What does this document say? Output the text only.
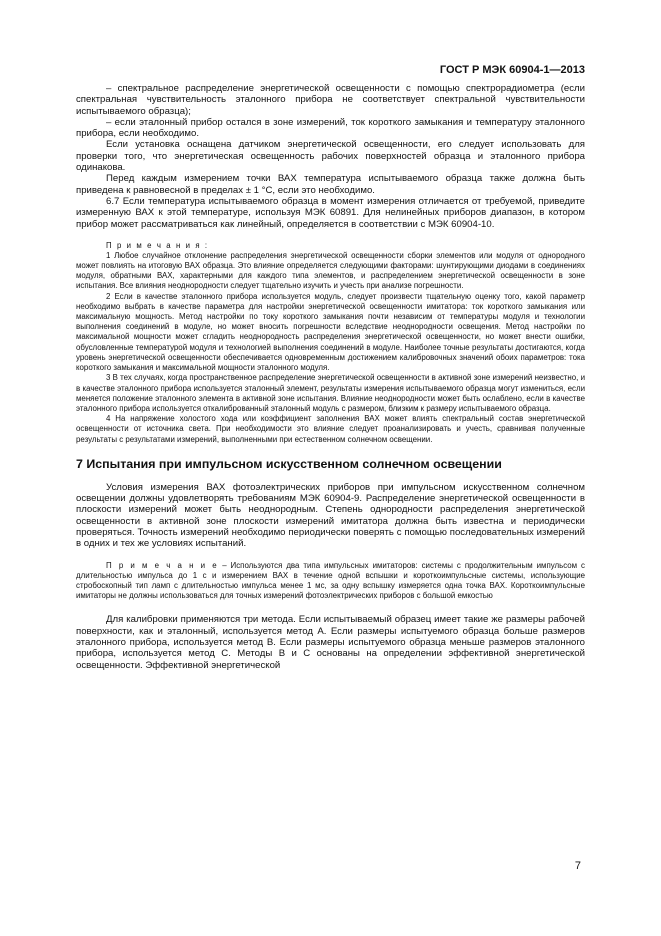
ГОСТ Р МЭК 60904-1—2013

– спектральное распределение энергетической освещенности с помощью спектрорадиометра (если спектральная чувствительность эталонного прибора не соответствует спектральной чувствительности испытываемого образца);

– если эталонный прибор остался в зоне измерений, ток короткого замыкания и температуру эталонного прибора, если необходимо.

Если установка оснащена датчиком энергетической освещенности, его следует использовать для проверки того, что энергетическая освещенность рабочих поверхностей образца и эталонного прибора одинакова.

Перед каждым измерением точки ВАХ температура испытываемого образца также должна быть приведена к равновесной в пределах ± 1 °С, если это необходимо.

6.7 Если температура испытываемого образца в момент измерения отличается от требуемой, приведите измеренную ВАХ к этой температуре, используя МЭК 60891. Для нелинейных приборов диапазон, в котором прибор может рассматриваться как линейный, определяется в соответствии с МЭК 60904-10.

П р и м е ч а н и я :

1 Любое случайное отклонение распределения энергетической освещенности сборки элементов или модуля от однородного может повлиять на итоговую ВАХ образца. Это влияние определяется следующими факторами: шунтирующими диодами в соединениях модуля, обратными ВАХ, характерными для каждого типа элементов, и распределением энергетической освещенности в зоне испытания. Все влияния неоднородности следует тщательно изучить и учесть при анализе погрешности.

2 Если в качестве эталонного прибора используется модуль, следует произвести тщательную оценку того, какой параметр необходимо выбрать в качестве параметра для настройки энергетической освещенности имитатора: ток короткого замыкания или максимальную мощность. Метод настройки по току короткого замыкания почти независим от температуры модуля и технологии выполнения соединений в модуле, но может вносить погрешности вследствие неоднородности освещения. Метод настройки по максимальной мощности может сгладить неоднородность распределения энергетической освещенности, но может внести ошибки, обусловленные температурой модуля и технологией выполнения соединений в модуле. Наиболее точные результаты достигаются, когда уровень энергетической освещенности обеспечивается одновременным достижением калибровочных значений обоих параметров: тока короткого замыкания и максимальной мощности эталонного модуля.

3 В тех случаях, когда пространственное распределение энергетической освещенности в активной зоне измерений неизвестно, и в качестве эталонного прибора используется эталонный элемент, результаты измерения испытываемого образца могут измениться, если меняется положение эталонного элемента в активной зоне испытания. Влияние неоднородности может быть ослаблено, если в качестве эталонного прибора используется откалиброванный эталонный модуль с размером, близким к размеру испытываемого образца.

4 На напряжение холостого хода или коэффициент заполнения ВАХ может влиять спектральный состав энергетической освещенности от источника света. При необходимости это влияние следует проанализировать и учесть, сравнивая полученные результаты с результатами измерений, выполненными при естественном солнечном освещении.

7 Испытания при импульсном искусственном солнечном освещении

Условия измерения ВАХ фотоэлектрических приборов при импульсном искусственном солнечном освещении должны удовлетворять требованиям МЭК 60904-9. Распределение энергетической освещенности в плоскости измерений может быть неоднородным. Степень однородности распределения энергетической освещенности в активной зоне плоскости измерений имитатора должна быть известна и периодически проверяться. Точность измерений необходимо периодически поверять с помощью последовательных измерений в одних и тех же условиях испытаний.

П р и м е ч а н и е – Используются два типа импульсных имитаторов: системы с продолжительным импульсом с длительностью импульса до 1 с и измерением ВАХ в течение одной вспышки и короткоимпульсные системы, использующие стробоскопный тип ламп с длительностью импульса менее 1 мс, за одну вспышку измеряется одна точка ВАХ. Короткоимпульсные имитаторы не должны использоваться для точных измерений фотоэлектрических приборов с большой емкостью

Для калибровки применяются три метода. Если испытываемый образец имеет такие же размеры рабочей поверхности, как и эталонный, используется метод А. Если размеры испытуемого образца больше размеров эталонного прибора, используется метод В. Если размеры испытуемого образца меньше размеров эталонного прибора, используется метод С. Методы В и С основаны на определении эффективной энергетической освещенности. Эффективной энергетической

7
